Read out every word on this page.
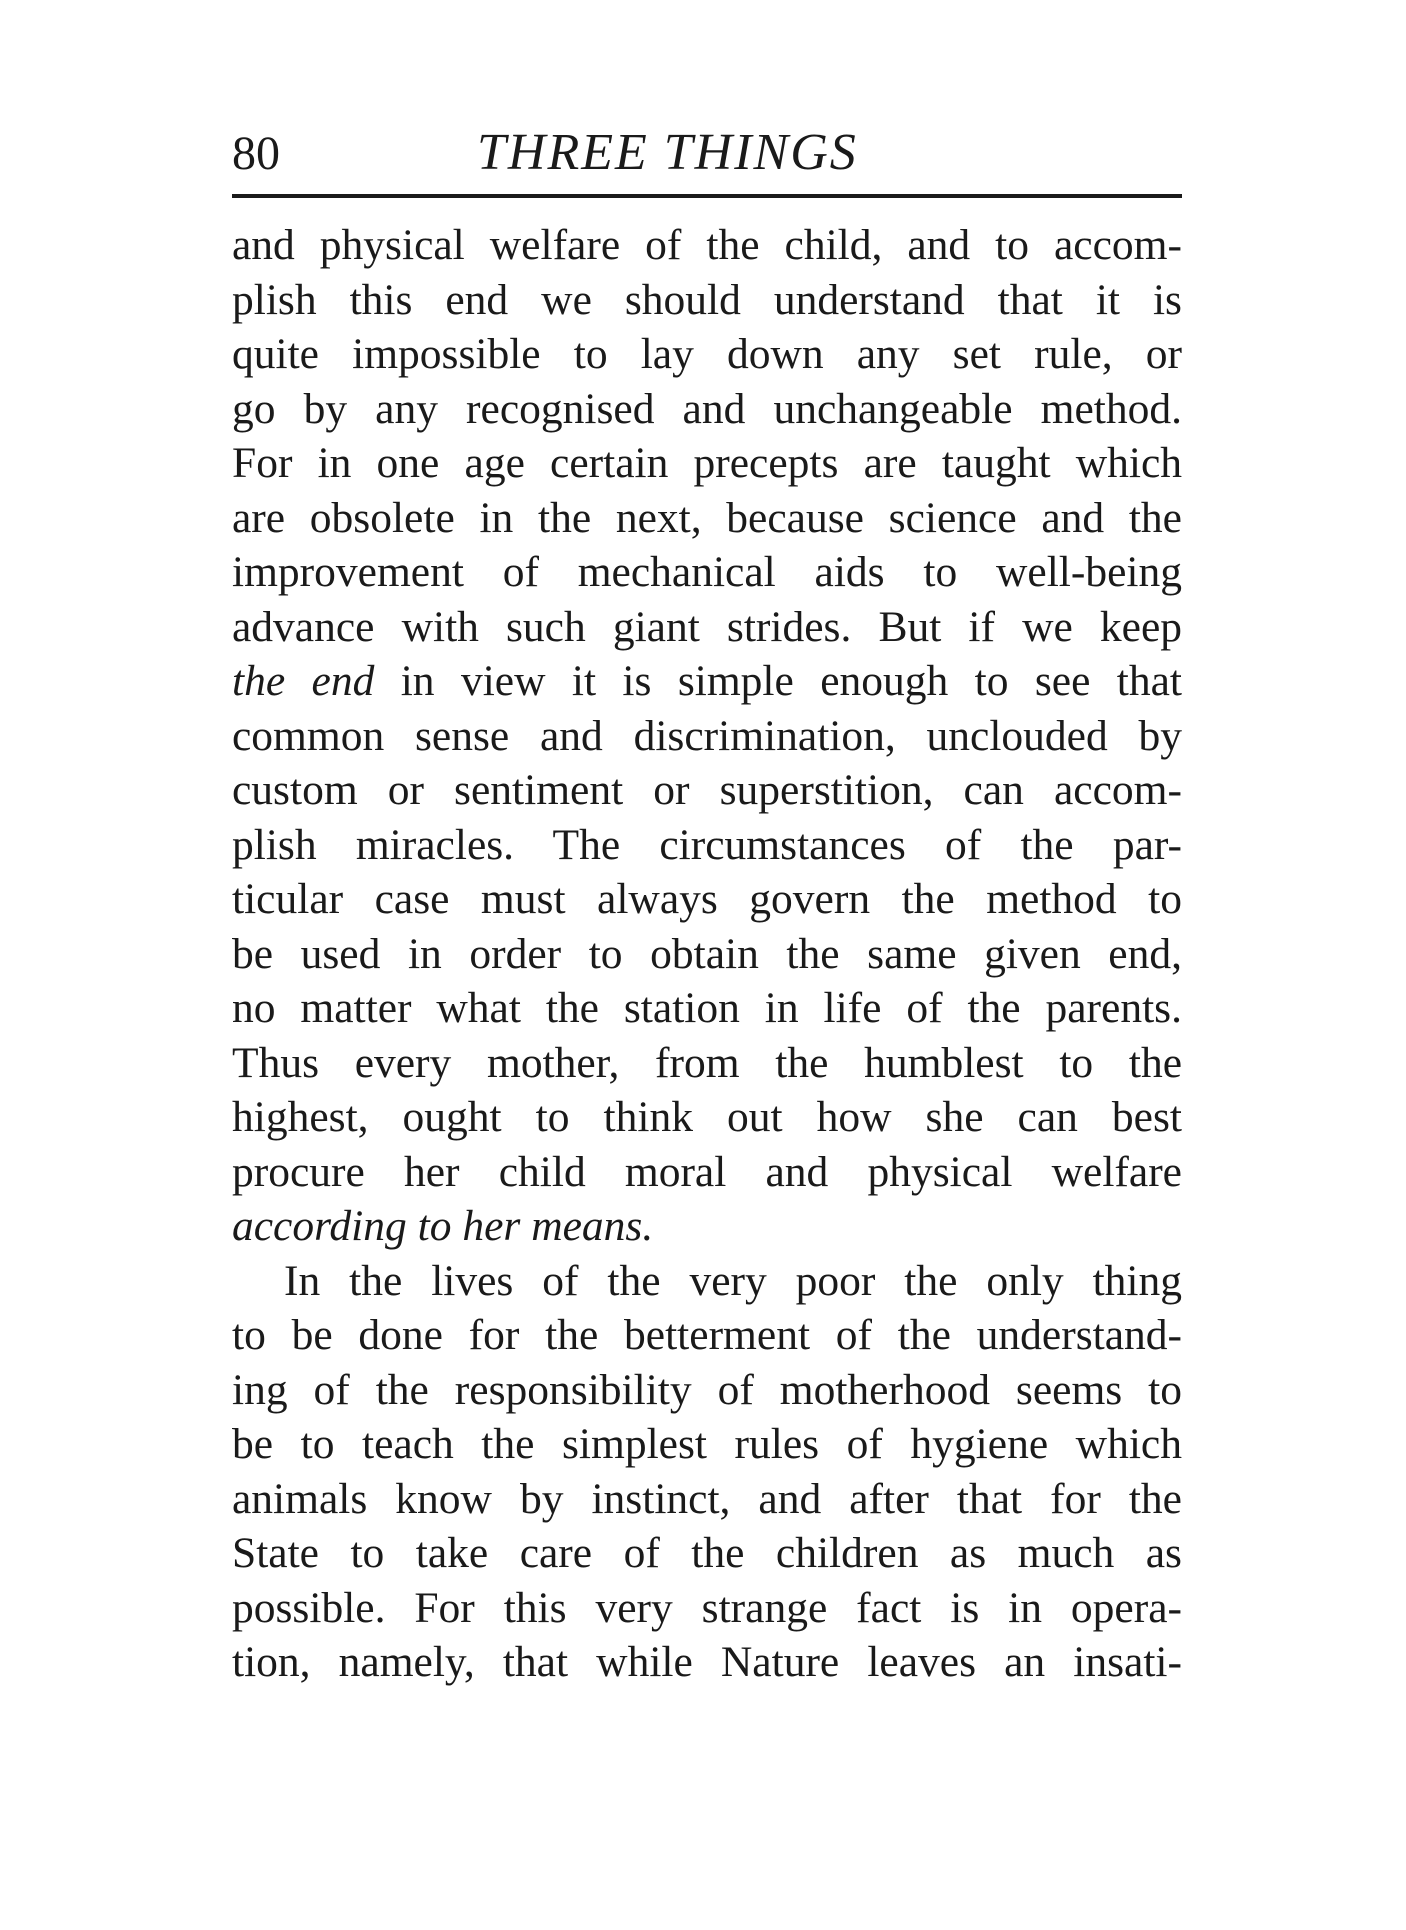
80	THREE THINGS
and physical welfare of the child, and to accom-
plish this end we should understand that it is
quite impossible to lay down any set rule, or
go by any recognised and unchangeable method.
For in one age certain precepts are taught which
are obsolete in the next, because science and the
improvement of mechanical aids to well-being
advance with such giant strides. But if we keep
the end in view it is simple enough to see that
common sense and discrimination, unclouded by
custom or sentiment or superstition, can accom-
plish miracles. The circumstances of the par-
ticular case must always govern the method to
be used in order to obtain the same given end,
no matter what the station in life of the parents.
Thus every mother, from the humblest to the
highest, ought to think out how she can best
procure her child moral and physical welfare
according to her means.
In the lives of the very poor the only thing
to be done for the betterment of the understand-
ing of the responsibility of motherhood seems to
be to teach the simplest rules of hygiene which
animals know by instinct, and after that for the
State to take care of the children as much as
possible. For this very strange fact is in opera-
tion, namely, that while Nature leaves an insati-
